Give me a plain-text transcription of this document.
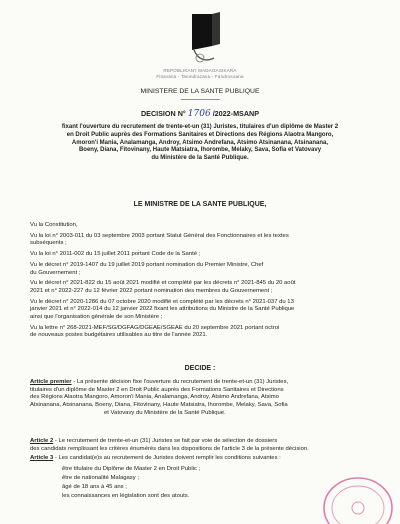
REPOBLIKAN'I MADAGASIKARA
Fitiavana - Tanindrazana - Fandrosoana
MINISTERE DE LA SANTE PUBLIQUE
--------------------------
DECISION N° 1706 /2022-MSANP
fixant l'ouverture du recrutement de trente-et-un (31) Juristes, titulaires d'un diplôme de Master 2
en Droit Public auprès des Formations Sanitaires et Directions des Régions Alaotra Mangoro,
Amoron'i Mania, Analamanga, Androy, Atsimo Andrefana, Atsimo Atsinanana, Atsinanana,
Boeny, Diana, Fitovinany, Haute Matsiatra, Ihorombe, Melaky, Sava, Sofia et Vatovavy
du Ministère de la Santé Publique.
LE MINISTRE DE LA SANTE PUBLIQUE,
Vu la Constitution,
Vu la loi n° 2003-011 du 03 septembre 2003 portant Statut Général des Fonctionnaires et les textes
subséquents ;
Vu la loi n° 2011-002 du 15 juillet 2011 portant Code de la Santé ;
Vu le décret n° 2019-1407 du 19 juillet 2019 portant nomination du Premier Ministre, Chef
du Gouvernement ;
Vu le décret n° 2021-822 du 15 août 2021 modifié et complété par les décrets n° 2021-845 du 20 août
2021 et n° 2022-227 du 12 février 2022 portant nomination des membres du Gouvernement ;
Vu le décret n° 2020-1286 du 07 octobre 2020 modifié et complété par les décrets n° 2021-037 du 13
janvier 2021 et n° 2022-014 du 12 janvier 2022 fixant les attributions du Ministre de la Santé Publique
ainsi que l'organisation générale de son Ministère ;
Vu la lettre n° 268-2021-MEF/SG/DGFAG/DGEAE/SGEAE du 20 septembre 2021 portant octroi
de nouveaux postes budgétaires utilisables au titre de l'année 2021.
DECIDE :
Article premier - La présente décision fixe l'ouverture du recrutement de trente-et-un (31) Juristes,
titulaires d'un diplôme de Master 2 en Droit Public auprès des Formations Sanitaires et Directions
des Régions Alaotra Mangoro, Amoron'i Mania, Analamanga, Androy, Atsimo Andrefana, Atsimo
Atsinanana, Atsinanana, Boeny, Diana, Fitovinany, Haute Matsiatra, Ihorombe, Melaky, Sava, Sofia
et Vatovavy du Ministère de la Santé Publique.
Article 2 - Le recrutement de trente-et-un (31) Juristes se fait par voie de sélection de dossiers
des candidats remplissant les critères énumérés dans les dispositions de l'article 3 de la présente décision.
Article 3 - Les candidat(e)s au recrutement de Juristes doivent remplir les conditions suivantes :
être titulaire du Diplôme de Master 2 en Droit Public ;
être de nationalité Malagasy ;
âgé de 18 ans à 45 ans ;
les connaissances en législation sont des atouts.
